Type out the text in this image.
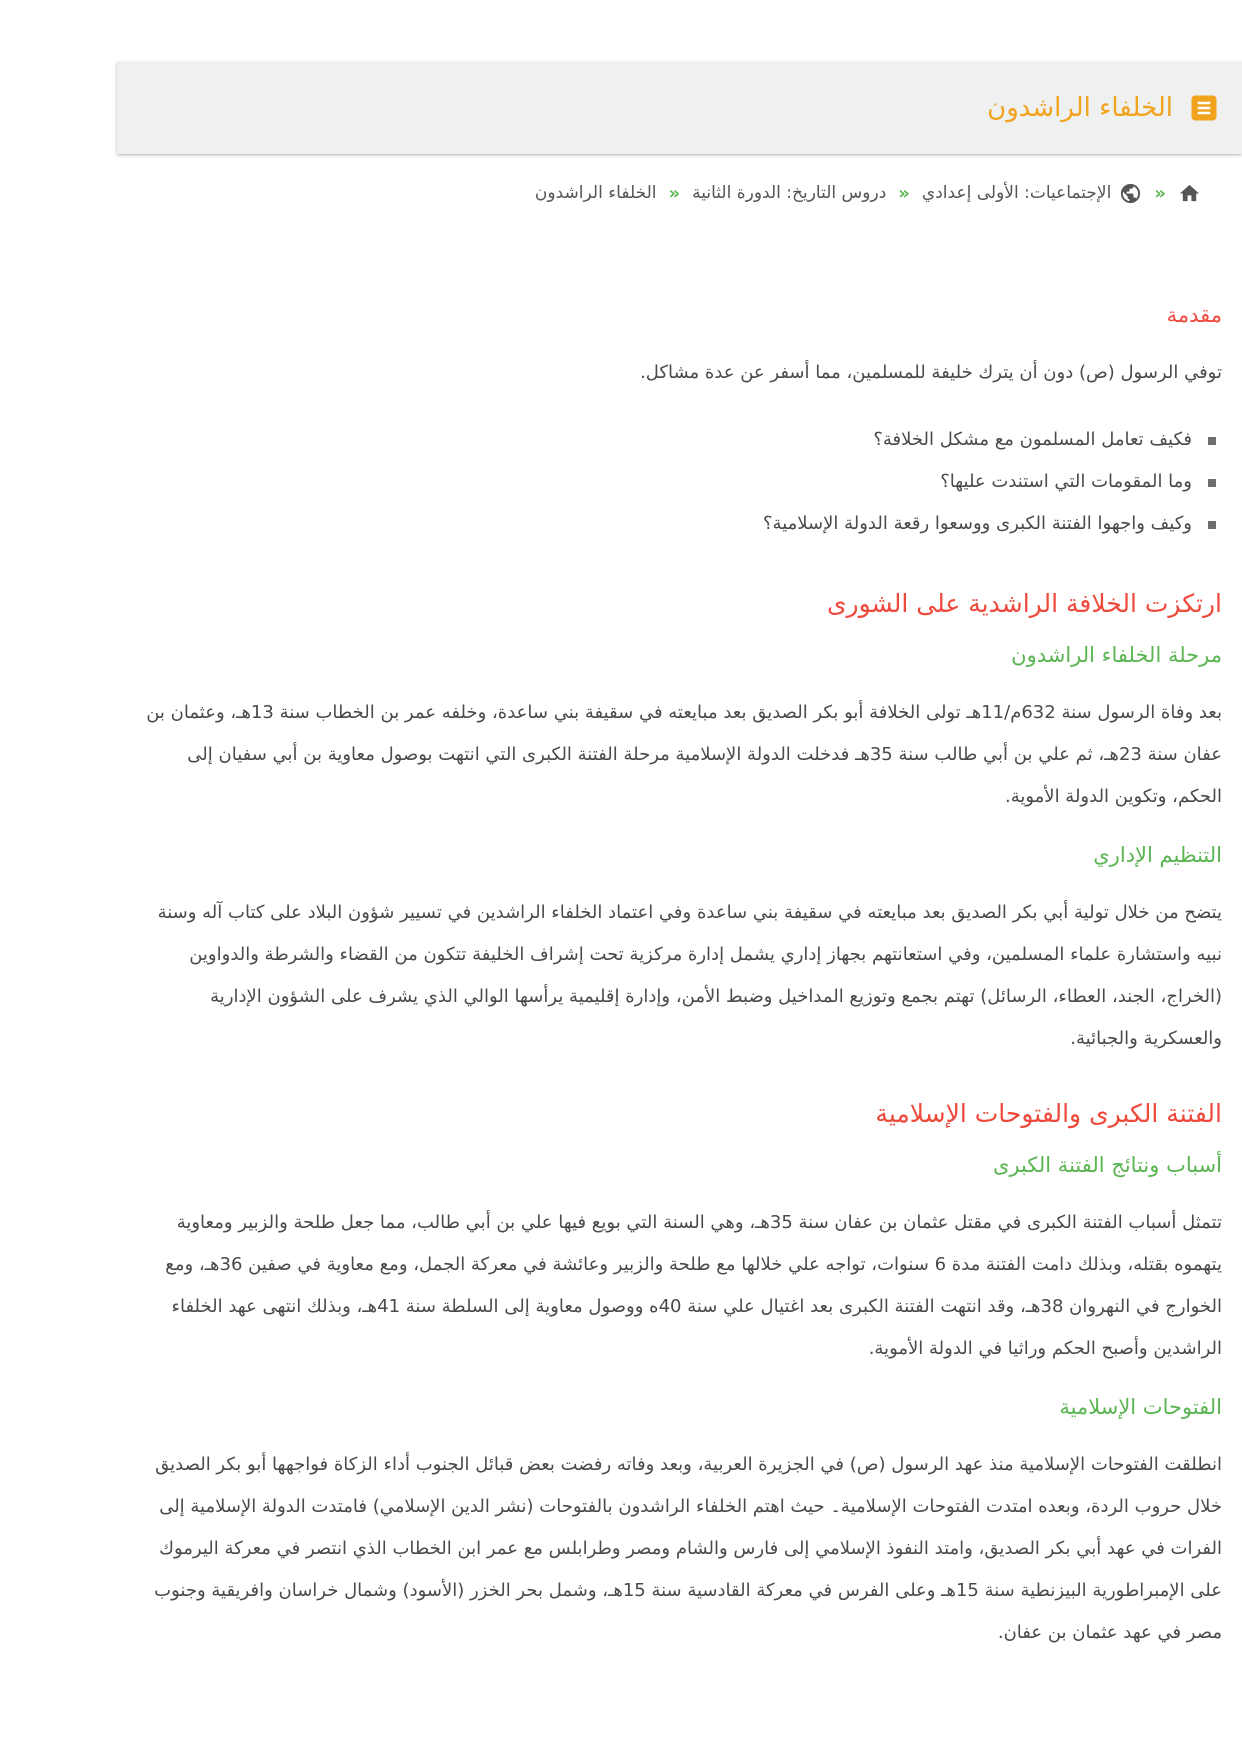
الخلفاء الراشدون
»
الإجتماعيات: الأولى إعدادي
»
دروس التاريخ: الدورة الثانية
»
الخلفاء الراشدون
مقدمة

توفي الرسول (ص) دون أن يترك خليفة للمسلمين، مما أسفر عن عدة مشاكل.

فكيف تعامل المسلمون مع مشكل الخلافة؟
وما المقومات التي استندت عليها؟
وكيف واجهوا الفتنة الكبرى ووسعوا رقعة الدولة الإسلامية؟
ارتكزت الخلافة الراشدية على الشورى
مرحلة الخلفاء الراشدون

بعد وفاة الرسول سنة 632م/11هـ تولى الخلافة أبو بكر الصديق بعد مبايعته في سقيفة بني ساعدة، وخلفه عمر بن الخطاب سنة 13هـ، وعثمان بن عفان سنة 23هـ، ثم علي بن أبي طالب سنة 35هـ فدخلت الدولة الإسلامية مرحلة الفتنة الكبرى التي انتهت بوصول معاوية بن أبي سفيان إلى الحكم، وتكوين الدولة الأموية.

التنظيم الإداري

يتضح من خلال تولية أبي بكر الصديق بعد مبايعته في سقيفة بني ساعدة وفي اعتماد الخلفاء الراشدين في تسيير شؤون البلاد على كتاب آله وسنة نبيه واستشارة علماء المسلمين، وفي استعانتهم بجهاز إداري يشمل إدارة مركزية تحت إشراف الخليفة تتكون من القضاء والشرطة والدواوين (الخراج، الجند، العطاء، الرسائل) تهتم بجمع وتوزيع المداخيل وضبط الأمن، وإدارة إقليمية يرأسها الوالي الذي يشرف على الشؤون الإدارية والعسكرية والجبائية.

الفتنة الكبرى والفتوحات الإسلامية
أسباب ونتائج الفتنة الكبرى

تتمثل أسباب الفتنة الكبرى في مقتل عثمان بن عفان سنة 35هـ، وهي السنة التي بويع فيها علي بن أبي طالب، مما جعل طلحة والزبير ومعاوية يتهموه بقتله، وبذلك دامت الفتنة مدة 6 سنوات، تواجه علي خلالها مع طلحة والزبير وعائشة في معركة الجمل، ومع معاوية في صفين 36هـ، ومع الخوارج في النهروان 38هـ، وقد انتهت الفتنة الكبرى بعد اغتيال علي سنة 40ه ووصول معاوية إلى السلطة سنة 41هـ، وبذلك انتهى عهد الخلفاء الراشدين وأصبح الحكم وراثيا في الدولة الأموية.

الفتوحات الإسلامية

انطلقت الفتوحات الإسلامية منذ عهد الرسول (ص) في الجزيرة العربية، وبعد وفاته رفضت بعض قبائل الجنوب أداء الزكاة فواجهها أبو بكر الصديق خلال حروب الردة، وبعده امتدت الفتوحات الإسلامية۔ حيث اهتم الخلفاء الراشدون بالفتوحات (نشر الدين الإسلامي) فامتدت الدولة الإسلامية إلى الفرات في عهد أبي بكر الصديق، وامتد النفوذ الإسلامي إلى فارس والشام ومصر وطرابلس مع عمر ابن الخطاب الذي انتصر في معركة اليرموك على الإمبراطورية البيزنطية سنة 15هـ وعلى الفرس في معركة القادسية سنة 15هـ، وشمل بحر الخزر (الأسود) وشمال خراسان وافريقية وجنوب مصر في عهد عثمان بن عفان.
